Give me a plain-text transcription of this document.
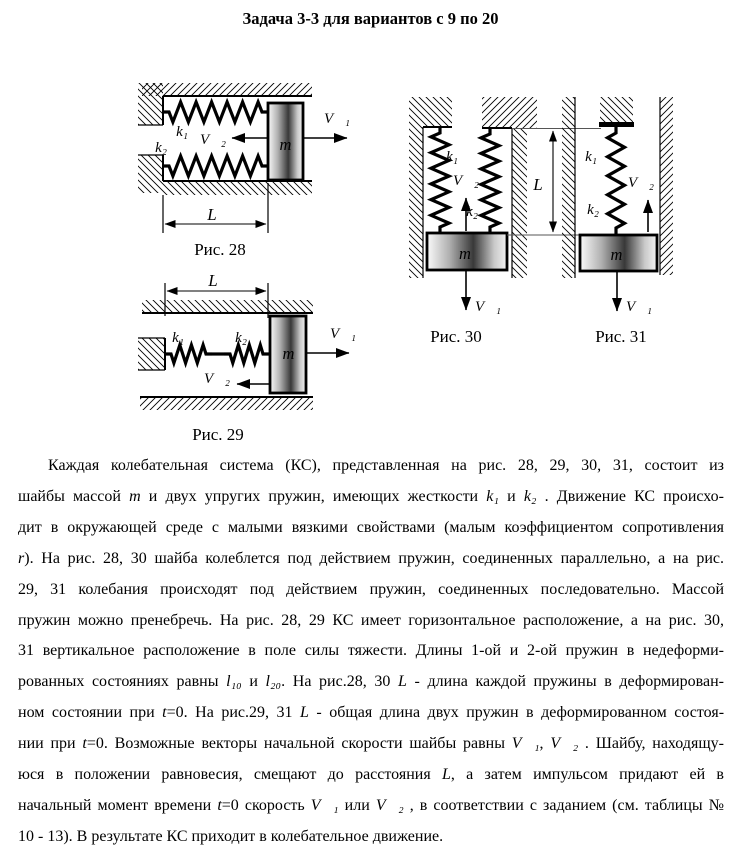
Задача 3-3 для вариантов с 9 по 20
m
k₁
k₂ V⃗₂
V⃗₁
L
Рис. 28
L
k₁	k₂
m
V⃗₁
V⃗₂
Рис. 29
k₁
k₂
V⃗₂
m
V⃗₁
Рис. 30
L
k₁
k₂
V⃗₂
m
V⃗₁
Рис. 31
Каждая колебательная система (КС), представленная на рис. 28, 29, 30, 31, состоит из
шайбы массой m и двух упругих пружин, имеющих жесткости k₁ и k₂ . Движение КС происхо-
дит в окружающей среде с малыми вязкими свойствами (малым коэффициентом сопротивления
r). На рис. 28, 30 шайба колеблется под действием пружин, соединенных параллельно, а на рис.
29, 31 колебания происходят под действием пружин, соединенных последовательно. Массой
пружин можно пренебречь. На рис. 28, 29 КС имеет горизонтальное расположение, а на рис. 30,
31 вертикальное расположение в поле силы тяжести. Длины 1-ой и 2-ой пружин в недеформи-
рованных состояниях равны l₁₀ и l₂₀. На рис.28, 30 L - длина каждой пружины в деформирован-
ном состоянии при t=0. На рис.29, 31 L - общая длина двух пружин в деформированном состоя-
нии при t=0. Возможные векторы начальной скорости шайбы равны V⃗₁, V⃗₂ . Шайбу, находящу-
юся в положении равновесия, смещают до расстояния L, а затем импульсом придают ей в
начальный момент времени t=0 скорость V⃗₁ или V⃗₂ , в соответствии с заданием (см. таблицы №
10 - 13). В результате КС приходит в колебательное движение.
